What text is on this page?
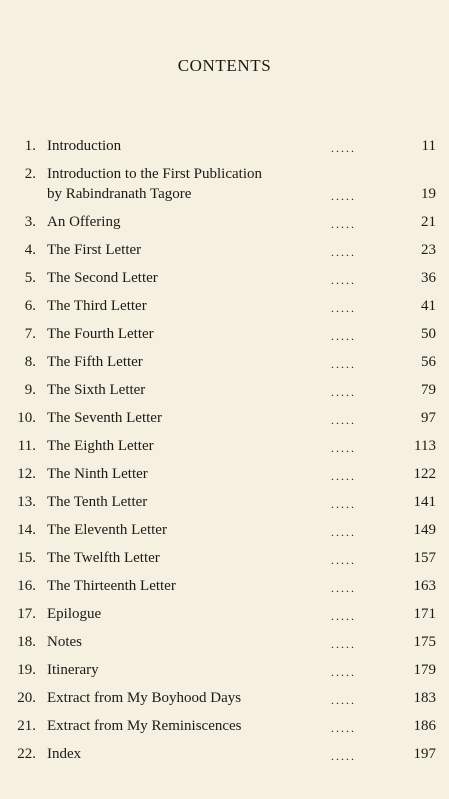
CONTENTS
1. Introduction	.....	11
2. Introduction to the First Publication
by Rabindranath Tagore	.....	19
3. An Offering	.....	21
4. The First Letter	.....	23
5. The Second Letter	.....	36
6. The Third Letter	.....	41
7. The Fourth Letter	.....	50
8. The Fifth Letter	.....	56
9. The Sixth Letter	.....	79
10. The Seventh Letter	.....	97
11. The Eighth Letter	.....	113
12. The Ninth Letter	.....	122
13. The Tenth Letter	.....	141
14. The Eleventh Letter	.....	149
15. The Twelfth Letter	.....	157
16. The Thirteenth Letter	.....	163
17. Epilogue	.....	171
18. Notes	.....	175
19. Itinerary	.....	179
20. Extract from My Boyhood Days	.....	183
21. Extract from My Reminiscences	.....	186
22. Index	.....	197
